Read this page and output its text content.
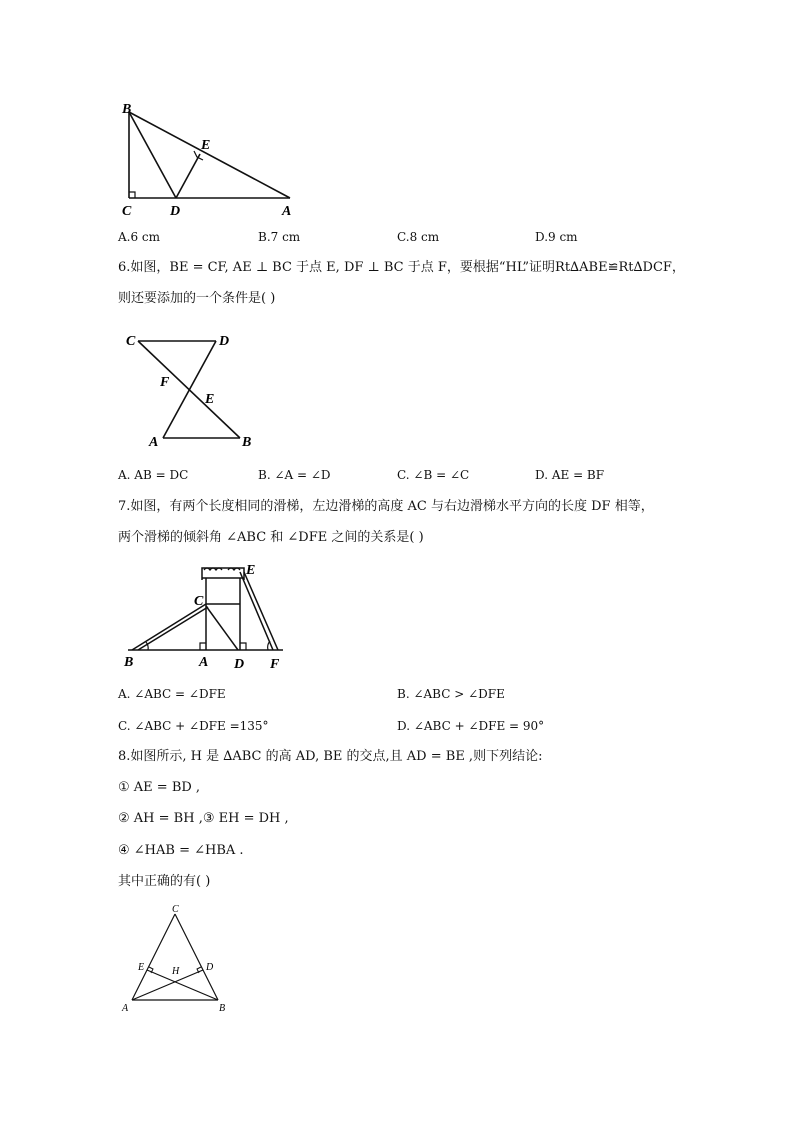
B
E
C	D	A
A.6 cm	B.7 cm	C.8 cm	D.9 cm
6.如图，BE = CF, AE ⊥ BC 于点 E, DF ⊥ BC 于点 F，要根据“HL”证明Rt∆ABE≌Rt∆DCF，
则还要添加的一个条件是( )
C	D
F
E
A	B
A. AB = DC	B. ∠A = ∠D	C. ∠B = ∠C	D. AE = BF
7.如图，有两个长度相同的滑梯，左边滑梯的高度 AC 与右边滑梯水平方向的长度 DF 相等，
两个滑梯的倾斜角 ∠ABC 和 ∠DFE 之间的关系是( )
E
C
B	A D F
A. ∠ABC = ∠DFE	B. ∠ABC > ∠DFE
C. ∠ABC + ∠DFE =135°	D. ∠ABC + ∠DFE = 90°
8.如图所示, H 是 ∆ABC 的高 AD, BE 的交点,且 AD = BE ,则下列结论:
① AE = BD ,
② AH = BH ,③ EH = DH ,
④ ∠HAB = ∠HBA .
其中正确的有( )
C
E	H	D
A	B
